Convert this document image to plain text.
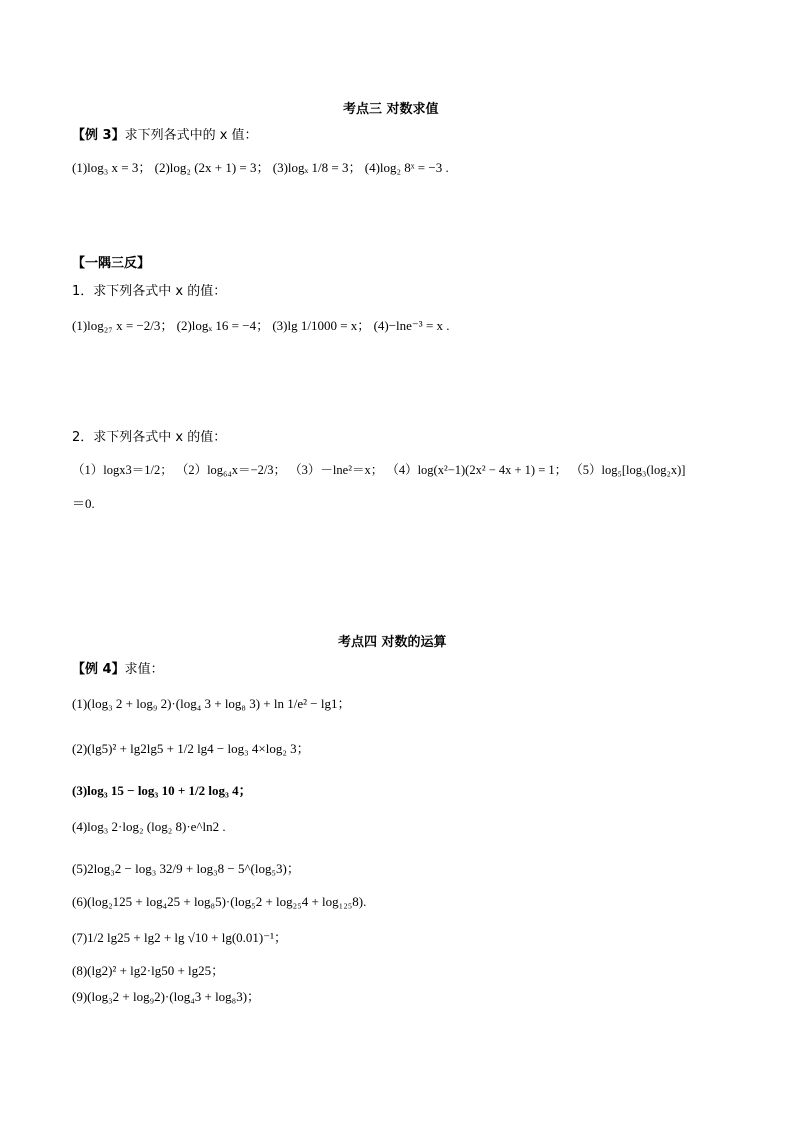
考点三 对数求值
【例 3】求下列各式中的 x 值：
(1)log₃ x = 3； (2)log₂ (2x + 1) = 3； (3)logₓ 1/8 = 3； (4)log₂ 8ˣ = −3 .
【一隅三反】
1．求下列各式中 x 的值：
(1)log₂₇ x = −2/3； (2)logₓ 16 = −4； (3)lg 1/1000 = x； (4)−lne⁻³ = x .
2．求下列各式中 x 的值：
（1）logx3＝1/2； （2）log₆₄x＝−2/3； （3）－lne²＝x； （4）log(x²−1)(2x² − 4x + 1) = 1； （5）log₅[log₃(log₂x)]
＝0.
考点四 对数的运算
【例 4】求值：
(1)(log₃ 2 + log₉ 2)·(log₄ 3 + log₈ 3) + ln 1/e² − lg1；
(2)(lg5)² + lg2lg5 + 1/2 lg4 − log₃ 4×log₂ 3；
(3)log₃ 15 − log₃ 10 + 1/2 log₃ 4；
(4)log₃ 2·log₂ (log₂ 8)·e^ln2 .
(5)2log₃2 − log₃ 32/9 + log₃8 − 5^(log₅3)；
(6)(log₂125 + log₄25 + log₈5)·(log₅2 + log₂₅4 + log₁₂₅8).
(7)1/2 lg25 + lg2 + lg √10 + lg(0.01)⁻¹；
(8)(lg2)² + lg2·lg50 + lg25；
(9)(log₃2 + log₉2)·(log₄3 + log₈3)；
